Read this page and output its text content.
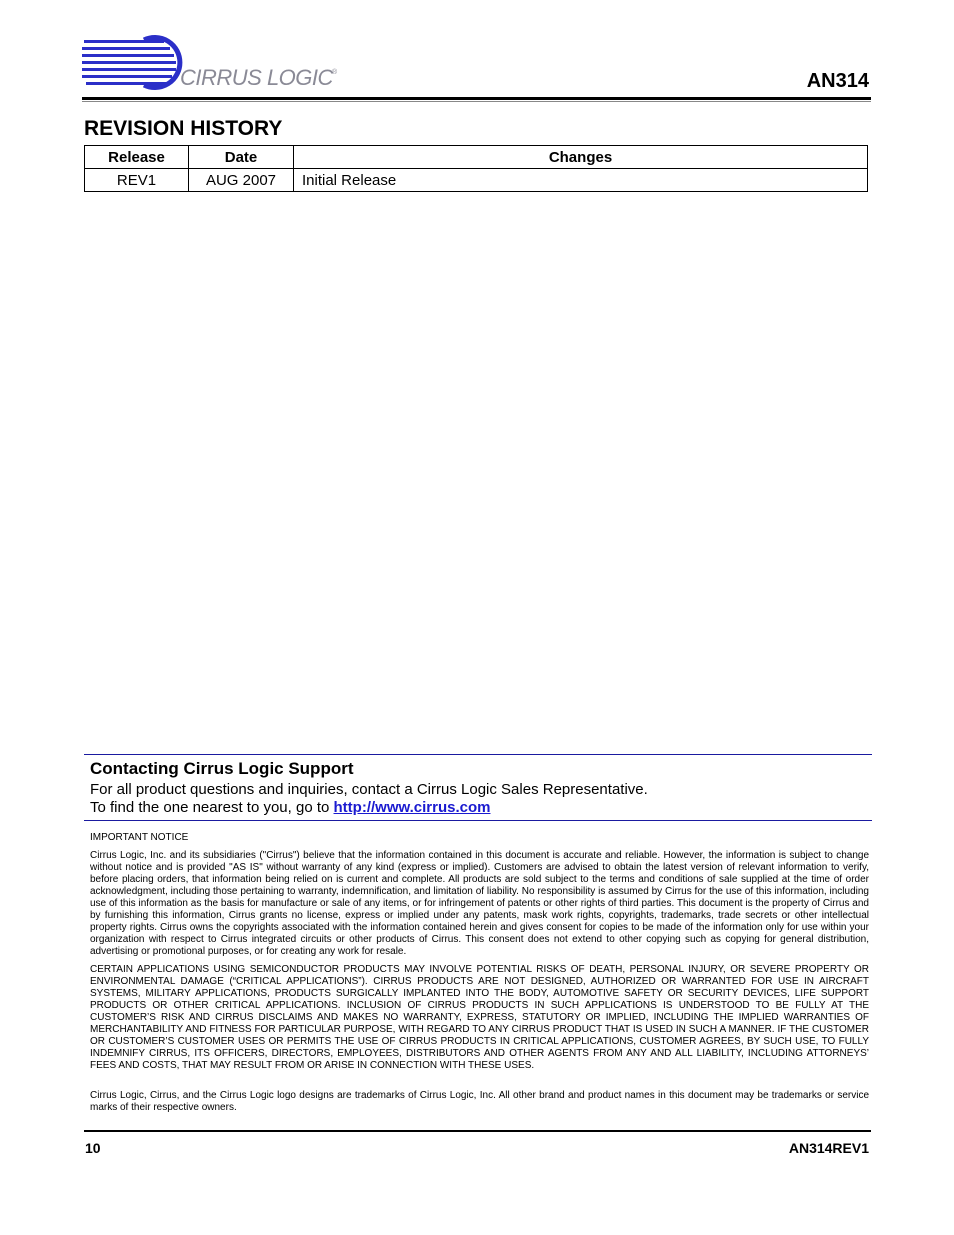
CIRRUS LOGIC ®	AN314
REVISION HISTORY
Release	Date	Changes
REV1	AUG 2007	Initial Release
Contacting Cirrus Logic Support
For all product questions and inquiries, contact a Cirrus Logic Sales Representative.
To find the one nearest to you, go to http://www.cirrus.com
IMPORTANT NOTICE
Cirrus Logic, Inc. and its subsidiaries ("Cirrus") believe that the information contained in this document is accurate and reliable. However, the information is subject to change without notice and is provided "AS IS" without warranty of any kind (express or implied). Customers are advised to obtain the latest version of relevant information to verify, before placing orders, that information being relied on is current and complete. All products are sold subject to the terms and conditions of sale supplied at the time of order acknowledgment, including those pertaining to warranty, indemnification, and limitation of liability. No responsibility is assumed by Cirrus for the use of this information, including use of this information as the basis for manufacture or sale of any items, or for infringement of patents or other rights of third parties. This document is the property of Cirrus and by furnishing this information, Cirrus grants no license, express or implied under any patents, mask work rights, copyrights, trademarks, trade secrets or other intellectual property rights. Cirrus owns the copyrights associated with the information contained herein and gives consent for copies to be made of the information only for use within your organization with respect to Cirrus integrated circuits or other products of Cirrus. This consent does not extend to other copying such as copying for general distribution, advertising or promotional purposes, or for creating any work for resale.
CERTAIN APPLICATIONS USING SEMICONDUCTOR PRODUCTS MAY INVOLVE POTENTIAL RISKS OF DEATH, PERSONAL INJURY, OR SEVERE PROPERTY OR ENVIRONMENTAL DAMAGE (“CRITICAL APPLICATIONS”). CIRRUS PRODUCTS ARE NOT DESIGNED, AUTHORIZED OR WARRANTED FOR USE IN AIRCRAFT SYSTEMS, MILITARY APPLICATIONS, PRODUCTS SURGICALLY IMPLANTED INTO THE BODY, AUTOMOTIVE SAFETY OR SECURITY DEVICES, LIFE SUPPORT PRODUCTS OR OTHER CRITICAL APPLICATIONS. INCLUSION OF CIRRUS PRODUCTS IN SUCH APPLICATIONS IS UNDERSTOOD TO BE FULLY AT THE CUSTOMER’S RISK AND CIRRUS DISCLAIMS AND MAKES NO WARRANTY, EXPRESS, STATUTORY OR IMPLIED, INCLUDING THE IMPLIED WARRANTIES OF MERCHANTABILITY AND FITNESS FOR PARTICULAR PURPOSE, WITH REGARD TO ANY CIRRUS PRODUCT THAT IS USED IN SUCH A MANNER. IF THE CUSTOMER OR CUSTOMER’S CUSTOMER USES OR PERMITS THE USE OF CIRRUS PRODUCTS IN CRITICAL APPLICATIONS, CUSTOMER AGREES, BY SUCH USE, TO FULLY INDEMNIFY CIRRUS, ITS OFFICERS, DIRECTORS, EMPLOYEES, DISTRIBUTORS AND OTHER AGENTS FROM ANY AND ALL LIABILITY, INCLUDING ATTORNEYS’ FEES AND COSTS, THAT MAY RESULT FROM OR ARISE IN CONNECTION WITH THESE USES.
Cirrus Logic, Cirrus, and the Cirrus Logic logo designs are trademarks of Cirrus Logic, Inc. All other brand and product names in this document may be trademarks or service marks of their respective owners.
10	AN314REV1
